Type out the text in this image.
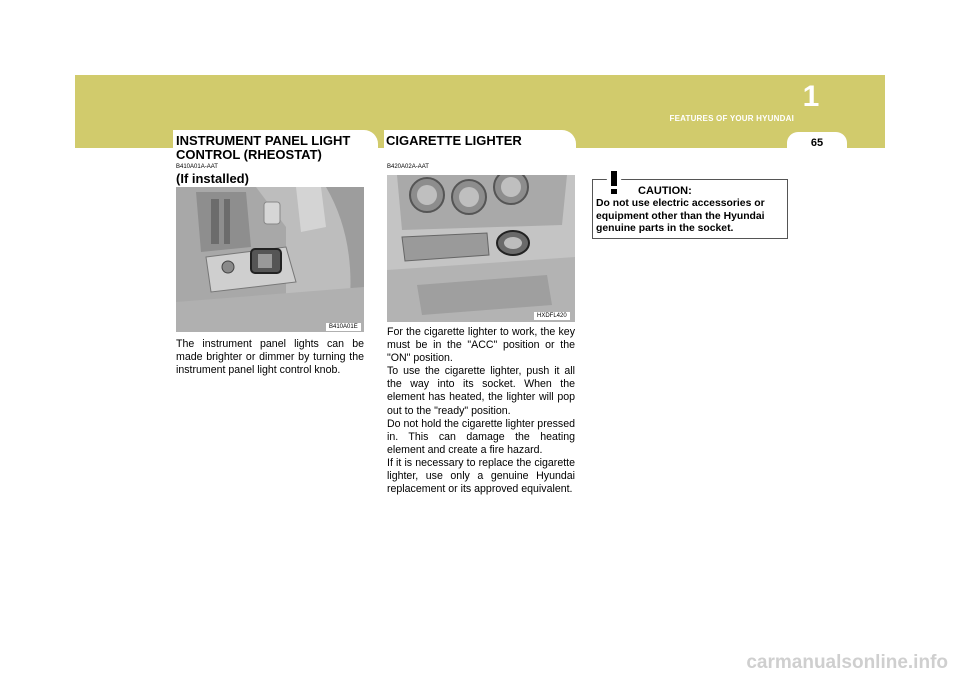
1
FEATURES OF YOUR HYUNDAI
65
INSTRUMENT PANEL LIGHT
CONTROL (RHEOSTAT)
B410A01A-AAT
(If installed)
B410A01E
The instrument panel lights can be made brighter or dimmer by turning the instrument panel light control knob.
CIGARETTE LIGHTER
B420A02A-AAT
HXDFL420

For the cigarette lighter to work, the key must be in the "ACC" position or the "ON" position.

To use the cigarette lighter, push it all the way into its socket. When the element has heated, the lighter will pop out to the "ready" position.

Do not hold the cigarette lighter pressed in. This can damage the heating element and create a fire hazard.

If it is necessary to replace the cigarette lighter, use only a genuine Hyundai replacement or its approved equivalent.

CAUTION:
Do not use electric accessories or equipment other than the Hyundai genuine parts in the socket.
carmanualsonline.info
